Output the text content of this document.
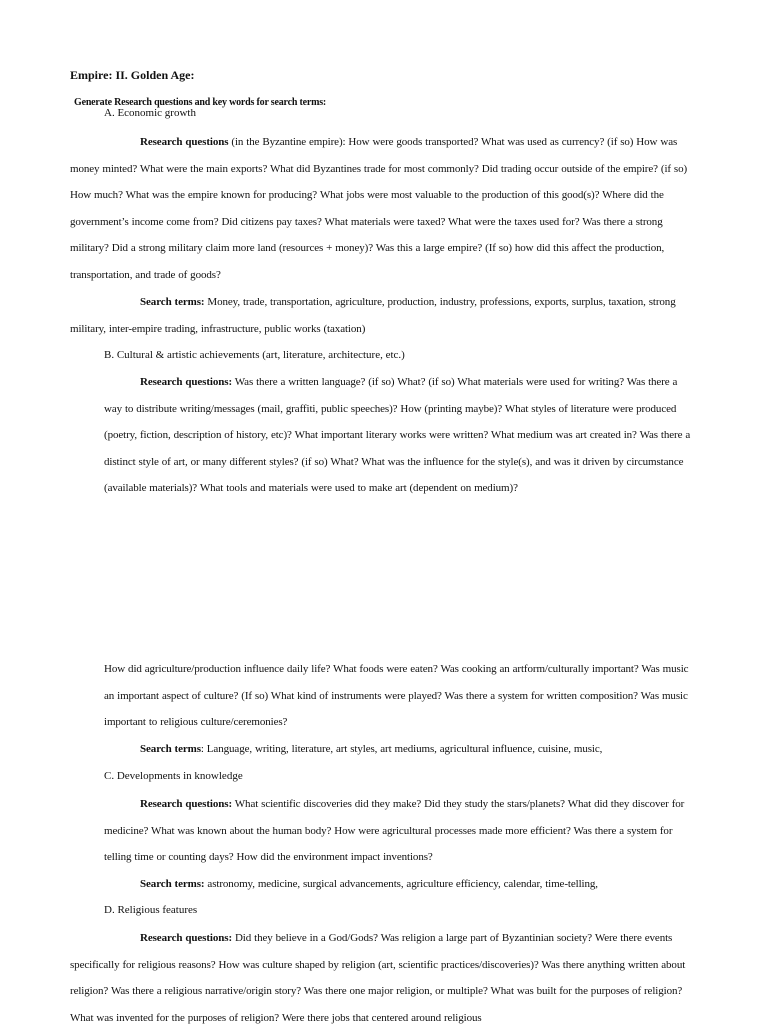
Empire: II. Golden Age:
Generate Research questions and key words for search terms:
A. Economic growth
Research questions (in the Byzantine empire): How were goods transported? What was used as currency? (if so) How was money minted? What were the main exports? What did Byzantines trade for most commonly? Did trading occur outside of the empire? (if so) How much? What was the empire known for producing? What jobs were most valuable to the production of this good(s)? Where did the government’s income come from? Did citizens pay taxes? What materials were taxed? What were the taxes used for? Was there a strong military? Did a strong military claim more land (resources + money)? Was this a large empire? (If so) how did this affect the production, transportation, and trade of goods?
Search terms: Money, trade, transportation, agriculture, production, industry, professions, exports, surplus, taxation, strong military, inter-empire trading, infrastructure, public works (taxation)
B. Cultural & artistic achievements (art, literature, architecture, etc.)
Research questions: Was there a written language? (if so) What? (if so) What materials were used for writing? Was there a way to distribute writing/messages (mail, graffiti, public speeches)? How (printing maybe)? What styles of literature were produced (poetry, fiction, description of history, etc)? What important literary works were written? What medium was art created in? Was there a distinct style of art, or many different styles? (if so) What? What was the influence for the style(s), and was it driven by circumstance (available materials)? What tools and materials were used to make art (dependent on medium)?
How did agriculture/production influence daily life? What foods were eaten? Was cooking an artform/culturally important? Was music an important aspect of culture? (If so) What kind of instruments were played? Was there a system for written composition? Was music important to religious culture/ceremonies?
Search terms: Language, writing, literature, art styles, art mediums, agricultural influence, cuisine, music,
C. Developments in knowledge
Research questions: What scientific discoveries did they make? Did they study the stars/planets? What did they discover for medicine? What was known about the human body? How were agricultural processes made more efficient? Was there a system for telling time or counting days? How did the environment impact inventions?
Search terms: astronomy, medicine, surgical advancements, agriculture efficiency, calendar, time-telling,
D. Religious features
Research questions: Did they believe in a God/Gods? Was religion a large part of Byzantinian society? Were there events specifically for religious reasons? How was culture shaped by religion (art, scientific practices/discoveries)? Was there anything written about religion? Was there a religious narrative/origin story? Was there one major religion, or multiple? What was built for the purposes of religion? What was invented for the purposes of religion? Were there jobs that centered around religious
